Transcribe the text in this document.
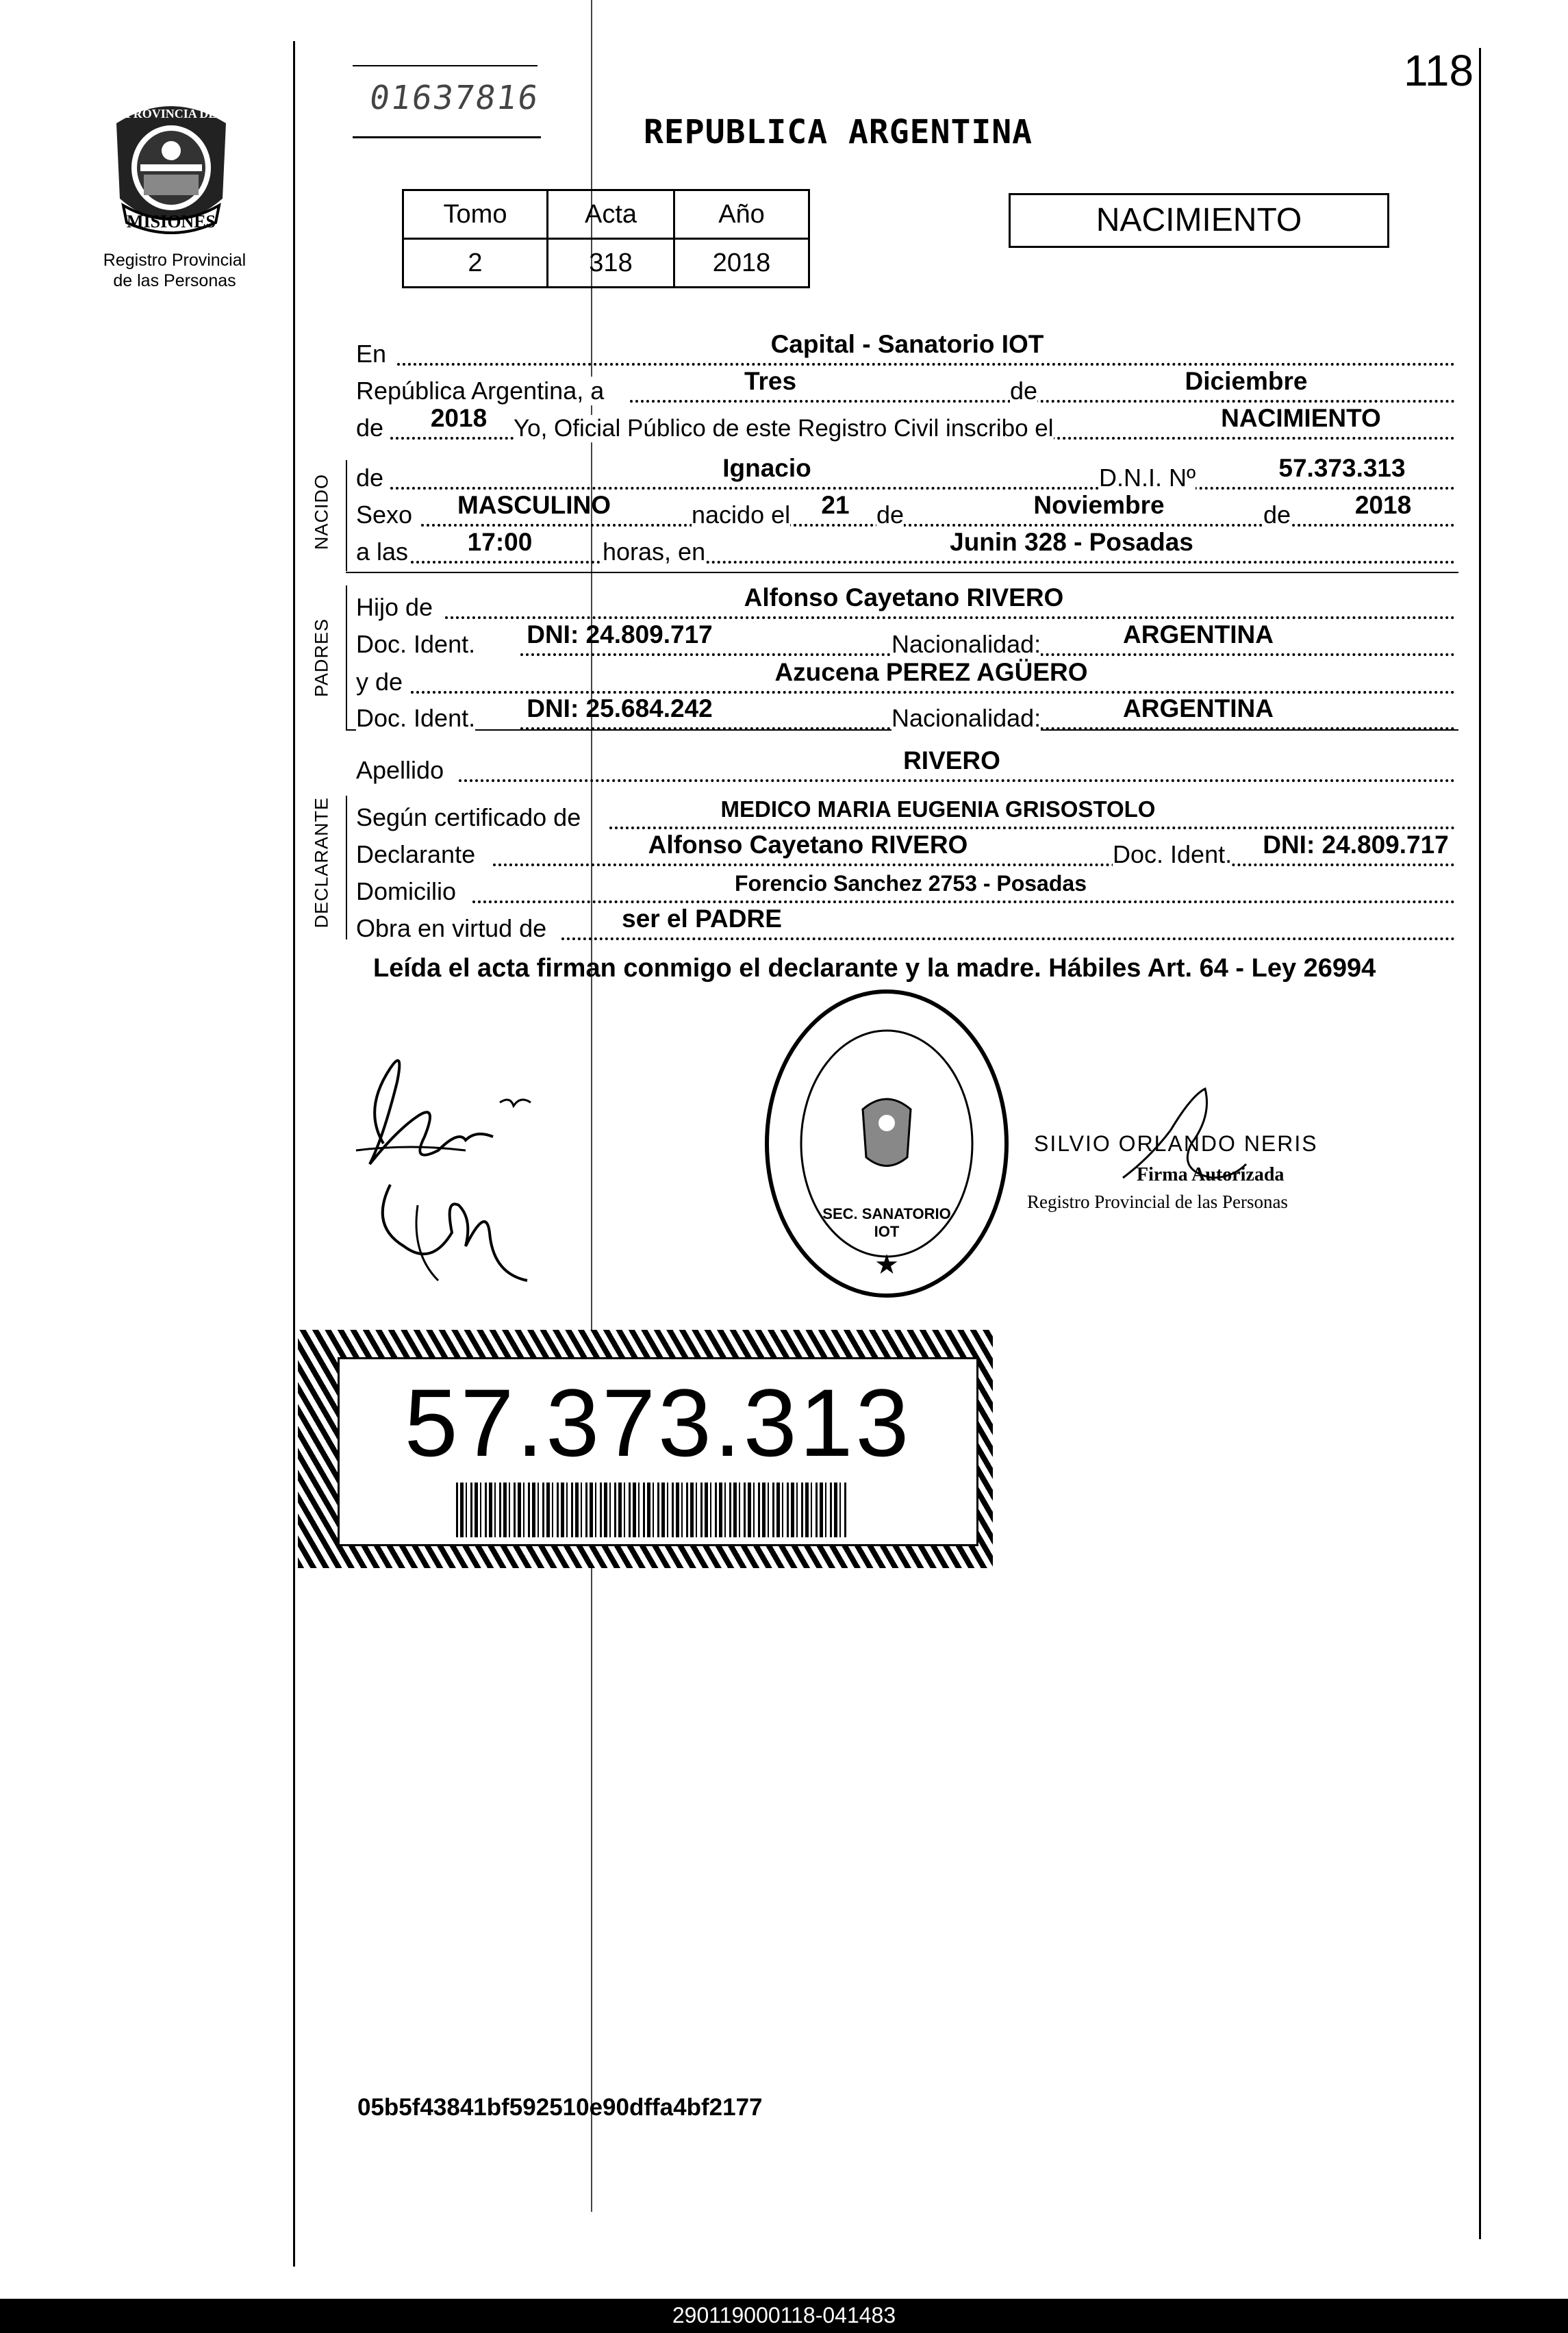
118
01637816
REPUBLICA ARGENTINA
MISIONES
PROVINCIA DE
Registro Provincial
de las Personas
Tomo	Acta	Año
2	318	2018
NACIMIENTO
NACIDO
PADRES
DECLARANTE
En	Capital - Sanatorio IOT
República Argentina, a	Tres	de	Diciembre
de	2018	Yo, Oficial Público de este Registro Civil inscribo el	NACIMIENTO
de	Ignacio	D.N.I. Nº	57.373.313
Sexo	MASCULINO	nacido el 21 de	Noviembre	de	2018
a las	17:00	horas, en	Junin 328 - Posadas
Hijo de	Alfonso Cayetano RIVERO
Doc. Ident.	DNI: 24.809.717	Nacionalidad:	ARGENTINA
y de	Azucena PEREZ AGÜERO
Doc. Ident.	DNI: 25.684.242	Nacionalidad:	ARGENTINA
Apellido	RIVERO
Según certificado de	MEDICO MARIA EUGENIA GRISOSTOLO
Declarante	Alfonso Cayetano RIVERO	Doc. Ident.	DNI: 24.809.717
Domicilio	Forencio Sanchez 2753 - Posadas
Obra en virtud de	ser el PADRE
Leída el acta firman conmigo el declarante y la madre. Hábiles Art. 64 - Ley 26994
★
SEC. SANATORIO IOT
SILVIO ORLANDO NERIS
Firma Autorizada
Registro Provincial de las Personas
57.373.313
05b5f43841bf592510e90dffa4bf2177
290119000118-041483
